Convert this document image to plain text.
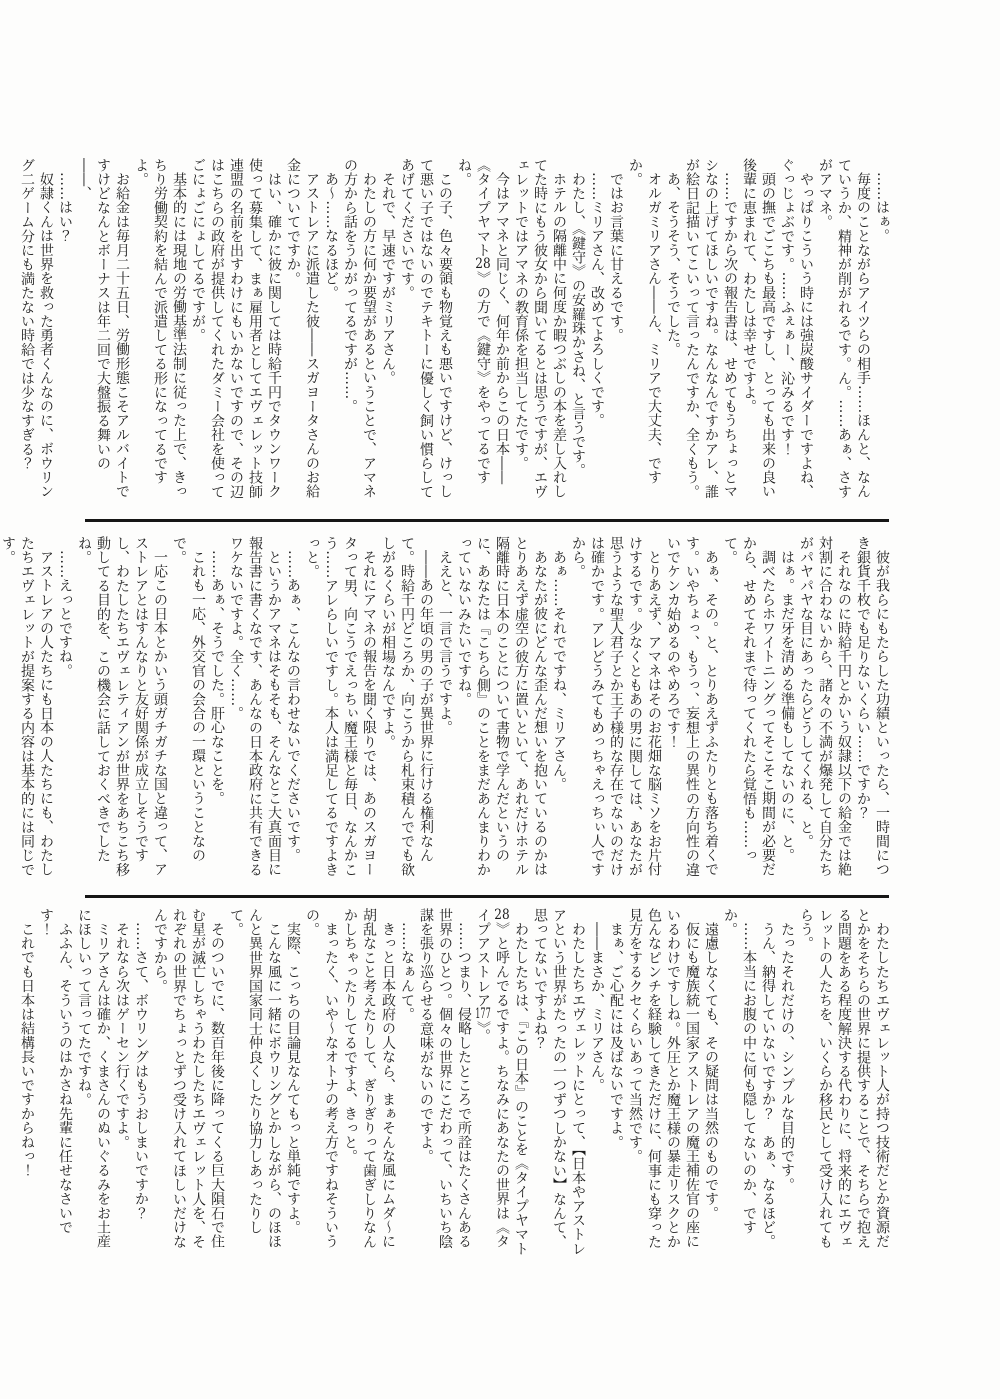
……はぁ。

毎度のことながらアイツらの相手……ほんと、なんていうか、精神が削がれるです。ん。……あぁ、さすがアマネ。

やっぱりこういう時には強炭酸サイダーですよね、ぐっじょぶです。……ふぇぁー、沁みるです！

頭の撫でごこちも最高ですし、とっても出来の良い後輩に恵まれて、わたしは幸せですよ。

……ですから次の報告書は、せめてもうちょっとマシなの上げてほしいですね。なんなんですかアレ、誰が絵日記描いてこいって言ったんですか、全くもう。

あ、そうそう、そうでした。

オルガミリアさん――ん、ミリアで大丈夫、ですか。

ではお言葉に甘えるです。

……ミリアさん、改めてよろしくです。

わたし、《鍵守》の安羅珠かさね、と言うです。

ホテルの隔離中に何度か暇つぶしの本を差し入れしてた時にもう彼女から聞いてるとは思うですが、エヴェレットではアマネの教育係を担当してたです。

今はアマネと同じく、何年か前からこの日本――《タイプヤマト28》の方で《鍵守》をやってるですね。

この子、色々要領も物覚えも悪いですけど、けっして悪い子ではないのでテキトーに優しく飼い慣らしてあげてくださいです。

それで、早速ですがミリアさん。

わたしの方に何か要望があるということで、アマネの方から話をうかがってるですが……。

あ〜……なるほど。

アストレアに派遣した彼――スガヨータさんのお給金についてですか。

はい、確かに彼に関しては時給千円でタウンワーク使って募集して、まぁ雇用者としてエヴェレット技師連盟の名前を出すわけにもいかないですので、その辺はこちらの政府が提供してくれたダミー会社を使ってごにょごにょしてるですが。

基本的には現地の労働基準法制に従った上で、きっちり労働契約を結んで派遣してる形になってるですよ。

お給金は毎月二十五日、労働形態こそアルバイトですけどなんとボーナスは年二回で大盤振る舞いの――、

……はい？

奴隷くんは世界を救った勇者くんなのに、ボウリング二ゲーム分にも満たない時給では少なすぎる？

彼が我らにもたらした功績といったら、一時間につき銀貨千枚でも足りないくらい……ですか？

それなのに時給千円とかいう奴隷以下の給金では絶対割に合わないから、諸々の不満が爆発して自分たちがパヤパヤな目にあったらどうしてくれる、と。

はぁ。まだ牙を清める準備もしてないのに、と。

調べたらホワイトニングってそこそこ期間が必要だから、せめてそれまで待ってくれたら覚悟も……って。

あぁ、その。と、とりあえずふたりとも落ち着くです。いやちょっ、もうっ、妄想上の異性の方向性の違いでケンカ始めるのやめろです！

とりあえず、アマネはそのお花畑な脳ミソをお片付けするです。少なくともあの男に関しては、あなたが思うような聖人君子とか王子様的な存在でないのだけは確かです。アレどうみてもめっちゃえっちぃ人ですから。

あぁ……それでですね、ミリアさん。

あなたが彼にどんな歪んだ想いを抱いているのかはとりあえず虚空の彼方に置いといて、あれだけホテル隔離時に日本のことについて書物で学んだというのに、あなたは『こちら側』のことをまだあんまりわかっていないみたいですね。

ええと、一言で言うですよ。

――あの年頃の男の子が異世界に行ける権利なんて。時給千円どころか、向こうから札束積んででも欲しがるくらいが相場なんですよ。

それにアマネの報告を聞く限りでは、あのスガヨータって男、向こうでえっちぃ魔王様と毎日、なんかこう……アレらしいですし。本人は満足してるですよきっと。

……あぁ、こんなの言わせないでくださいです。

というかアマネはそもそも、そんなとこ大真面目に報告書に書くなです、あんなの日本政府に共有できるワケないですよ。全く……。

……あぁ、そうでした。肝心なことを。

これも一応、外交官の会合の一環ということなので。

一応この日本とかいう頭ガチガチな国と違って、アストレアとはすんなりと友好関係が成立しそうですし、わたしたちエヴェレティアンが世界をあちこち移動してる目的を、この機会に話しておくべきでしたね。

……えっとですね。

アストレアの人たちにも日本の人たちにも、わたしたちエヴェレットが提案する内容は基本的には同じです。

わたしたちエヴェレット人が持つ技術だとか資源だとかをそちらの世界に提供することで、そちらで抱える問題をある程度解決する代わりに、将来的にエヴェレットの人たちを、いくらか移民として受け入れてもらう。

たったそれだけの、シンプルな目的です。

うん、納得していないですか？　あぁ、なるほど。

……本当にお腹の中に何も隠してないのか、ですか。

遠慮しなくても、その疑問は当然のものです。

仮にも魔族統一国家アストレアの魔王補佐官の座にいるわけですしね。外圧とか魔王様の暴走リスクとか色んなピンチを経験してきただけに、何事にも穿った見方をするクセくらいあって当然です。

まぁ、ご心配には及ばないですよ。

――まさか、ミリアさん。

わたしたちエヴェレットにとって、【日本やアストレアという世界がたったの一つずつしかない】なんて、思ってないですよね？

わたしたちは、『この日本』のことを《タイプヤマト28》と呼んでるですよ。ちなみにあなたの世界は《タイプアストレア177》。

……つまり、侵略したところで所詮はたくさんある世界のひとつ。個々の世界にこだわって、いちいち陰謀を張り巡らせる意味がないのですよ。

……なぁんて。

きっと日本政府の人なら、まぁそんな風にムダ〜に胡乱なこと考えたりして、ぎりぎりって歯ぎしりなんかしちゃったりしてるですよ、きっと。

まったく、いや〜なオトナの考え方ですねそういうの。

実際、こっちの目論見なんてもっと単純ですよ。

こんな風に一緒にボウリングとかしながら、のほほんと異世界国家同士仲良くしたり協力しあったりして。

そのついでに、数百年後に降ってくる巨大隕石で住む星が滅亡しちゃうわたしたちエヴェレット人を、それぞれの世界でちょっとずつ受け入れてほしいだけなんですから。

……さて、ボウリングはもうおしまいですか？

それなら次はゲーセン行くですよ。

ミリアさんは確か、くまさんのぬいぐるみをお土産にほしいって言ってたですね。

ふふん、そういうのはかさね先輩に任せなさいです！

これでも日本は結構長いですからねっ！
